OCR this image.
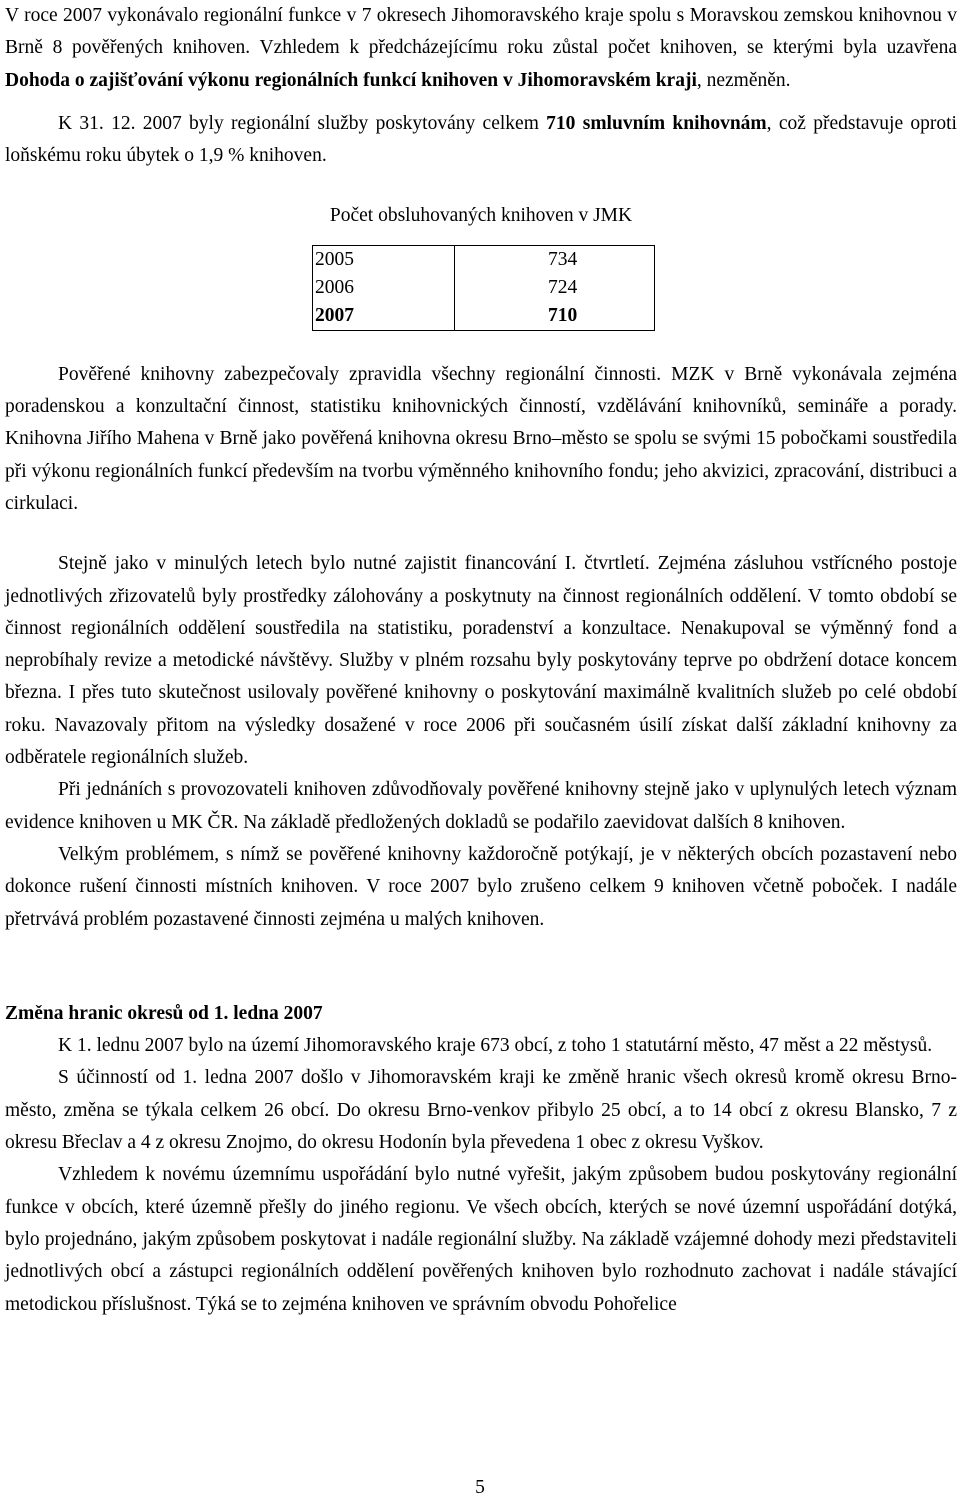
V roce 2007 vykonávalo regionální funkce v 7 okresech Jihomoravského kraje spolu s Moravskou zemskou knihovnou v Brně 8 pověřených knihoven. Vzhledem k předcházejícímu roku zůstal počet knihoven, se kterými byla uzavřena Dohoda o zajišťování výkonu regionálních funkcí knihoven v Jihomoravském kraji, nezměněn.

K 31. 12. 2007 byly regionální služby poskytovány celkem 710 smluvním knihovnám, což představuje oproti loňskému roku úbytek o 1,9 % knihoven.

Počet obsluhovaných knihoven v JMK

2005	734
2006	724
2007	710

Pověřené knihovny zabezpečovaly zpravidla všechny regionální činnosti. MZK v Brně vykonávala zejména poradenskou a konzultační činnost, statistiku knihovnických činností, vzdělávání knihovníků, semináře a porady. Knihovna Jiřího Mahena v Brně jako pověřená knihovna okresu Brno–město se spolu se svými 15 pobočkami soustředila při výkonu regionálních funkcí především na tvorbu výměnného knihovního fondu; jeho akvizici, zpracování, distribuci a cirkulaci.

Stejně jako v minulých letech bylo nutné zajistit financování I. čtvrtletí. Zejména zásluhou vstřícného postoje jednotlivých zřizovatelů byly prostředky zálohovány a poskytnuty na činnost regionálních oddělení. V tomto období se činnost regionálních oddělení soustředila na statistiku, poradenství a konzultace. Nenakupoval se výměnný fond a neprobíhaly revize a metodické návštěvy. Služby v plném rozsahu byly poskytovány teprve po obdržení dotace koncem března. I přes tuto skutečnost usilovaly pověřené knihovny o poskytování maximálně kvalitních služeb po celé období roku. Navazovaly přitom na výsledky dosažené v roce 2006 při současném úsilí získat další základní knihovny za odběratele regionálních služeb.

Při jednáních s provozovateli knihoven zdůvodňovaly pověřené knihovny stejně jako v uplynulých letech význam evidence knihoven u MK ČR. Na základě předložených dokladů se podařilo zaevidovat dalších 8 knihoven.

Velkým problémem, s nímž se pověřené knihovny každoročně potýkají, je v některých obcích pozastavení nebo dokonce rušení činnosti místních knihoven. V roce 2007 bylo zrušeno celkem 9 knihoven včetně poboček. I nadále přetrvává problém pozastavené činnosti zejména u malých knihoven.

Změna hranic okresů od 1. ledna 2007

K 1. lednu 2007 bylo na území Jihomoravského kraje 673 obcí, z toho 1 statutární město, 47 měst a 22 městysů.

S účinností od 1. ledna 2007 došlo v Jihomoravském kraji ke změně hranic všech okresů kromě okresu Brno-město, změna se týkala celkem 26 obcí. Do okresu Brno-venkov přibylo 25 obcí, a to 14 obcí z okresu Blansko, 7 z okresu Břeclav a 4 z okresu Znojmo, do okresu Hodonín byla převedena 1 obec z okresu Vyškov.

Vzhledem k novému územnímu uspořádání bylo nutné vyřešit, jakým způsobem budou poskytovány regionální funkce v obcích, které územně přešly do jiného regionu. Ve všech obcích, kterých se nové územní uspořádání dotýká, bylo projednáno, jakým způsobem poskytovat i nadále regionální služby. Na základě vzájemné dohody mezi představiteli jednotlivých obcí a zástupci regionálních oddělení pověřených knihoven bylo rozhodnuto zachovat i nadále stávající metodickou příslušnost. Týká se to zejména knihoven ve správním obvodu Pohořelice

5
